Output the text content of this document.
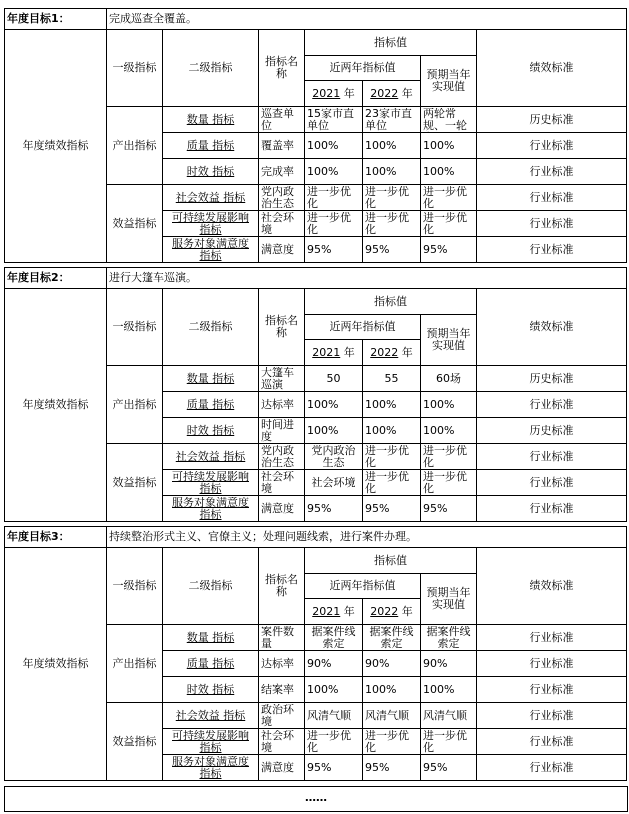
年度目标1：	完成巡查全覆盖。						
年度绩效指标	一级指标	二级指标	指标名称	指标值			绩效标准
				近两年指标值		预期当年实现值	
				2021 年	2022 年		
	产出指标	数量 指标	巡查单位	15家市直单位	23家市直单位	两轮常规、一轮	历史标准
		质量 指标	覆盖率	100%	100%	100%	行业标准
		时效 指标	完成率	100%	100%	100%	行业标准
	效益指标	社会效益 指标	党内政治生态	进一步优化	进一步优化	进一步优化	行业标准

		可持续发展影响 指标	社会环境	进一步优化	进一步优化	进一步优化	行业标准

		服务对象满意度 指标	满意度	95%	95%	95%	行业标准
年度目标2：	进行大篷车巡演。						
年度绩效指标	一级指标	二级指标	指标名称	指标值			绩效标准
				近两年指标值		预期当年实现值	
				2021 年	2022 年		
	产出指标	数量 指标	大篷车巡演	50	55	60场	历史标准
		质量 指标	达标率	100%	100%	100%	行业标准
		时效 指标	时间进度	100%	100%	100%	历史标准
	效益指标	社会效益 指标	党内政治生态	党内政治生态	进一步优化	进一步优化	行业标准

		可持续发展影响 指标	社会环境	社会环境	进一步优化	进一步优化	行业标准

		服务对象满意度 指标	满意度	95%	95%	95%	行业标准
年度目标3：	持续整治形式主义、官僚主义；处理问题线索，进行案件办理。						
年度绩效指标	一级指标	二级指标	指标名称	指标值			绩效标准
				近两年指标值		预期当年实现值	
				2021 年	2022 年		
	产出指标	数量 指标	案件数量	据案件线索定	据案件线索定	据案件线索定	行业标准
		质量 指标	达标率	90%	90%	90%	行业标准
		时效 指标	结案率	100%	100%	100%	行业标准
	效益指标	社会效益 指标	政治环境	风清气顺	风清气顺	风清气顺	行业标准

		可持续发展影响 指标	社会环境	进一步优化	进一步优化	进一步优化	行业标准

		服务对象满意度 指标	满意度	95%	95%	95%	行业标准
……
